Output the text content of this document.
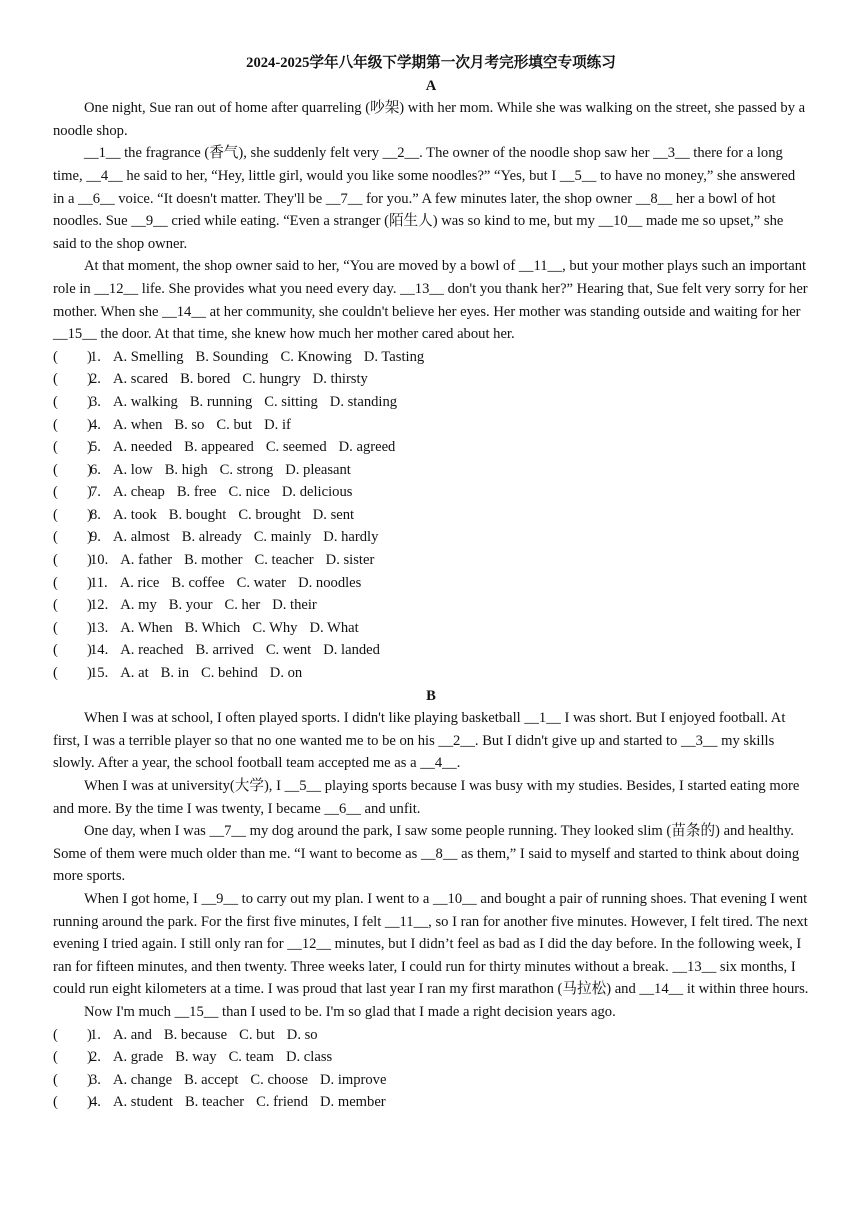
2024-2025学年八年级下学期第一次月考完形填空专项练习
A

One night, Sue ran out of home after quarreling (吵架) with her mom. While she was walking on the street, she passed by a noodle shop.

__1__ the fragrance (香气), she suddenly felt very __2__. The owner of the noodle shop saw her __3__ there for a long time, __4__ he said to her, “Hey, little girl, would you like some noodles?” “Yes, but I __5__ to have no money,” she answered in a __6__ voice. “It doesn't matter. They'll be __7__ for you.” A few minutes later, the shop owner __8__ her a bowl of hot noodles. Sue __9__ cried while eating. “Even a stranger (陌生人) was so kind to me, but my __10__ made me so upset,” she said to the shop owner.

At that moment, the shop owner said to her, “You are moved by a bowl of __11__, but your mother plays such an important role in __12__ life. She provides what you need every day. __13__ don't you thank her?” Hearing that, Sue felt very sorry for her mother. When she __14__ at her community, she couldn't believe her eyes. Her mother was standing outside and waiting for her __15__ the door. At that time, she knew how much her mother cared about her.

(        )1. A. Smelling B. Sounding C. Knowing D. Tasting
(        )2. A. scared B. bored C. hungry D. thirsty
(        )3. A. walking B. running C. sitting D. standing
(        )4. A. when B. so C. but D. if
(        )5. A. needed B. appeared C. seemed D. agreed
(        )6. A. low B. high C. strong D. pleasant
(        )7. A. cheap B. free C. nice D. delicious
(        )8. A. took B. bought C. brought D. sent
(        )9. A. almost B. already C. mainly D. hardly
(        )10. A. father B. mother C. teacher D. sister
(        )11. A. rice B. coffee C. water D. noodles
(        )12. A. my B. your C. her D. their
(        )13. A. When B. Which C. Why D. What
(        )14. A. reached B. arrived C. went D. landed
(        )15. A. at B. in C. behind D. on
B

When I was at school, I often played sports. I didn't like playing basketball __1__ I was short. But I enjoyed football. At first, I was a terrible player so that no one wanted me to be on his __2__. But I didn't give up and started to __3__ my skills slowly. After a year, the school football team accepted me as a __4__.

When I was at university(大学), I __5__ playing sports because I was busy with my studies. Besides, I started eating more and more. By the time I was twenty, I became __6__ and unfit.

One day, when I was __7__ my dog around the park, I saw some people running. They looked slim (苗条的) and healthy. Some of them were much older than me. “I want to become as __8__ as them,” I said to myself and started to think about doing more sports.

When I got home, I __9__ to carry out my plan. I went to a __10__ and bought a pair of running shoes. That evening I went running around the park. For the first five minutes, I felt __11__, so I ran for another five minutes. However, I felt tired. The next evening I tried again. I still only ran for __12__ minutes, but I didn’t feel as bad as I did the day before. In the following week, I ran for fifteen minutes, and then twenty. Three weeks later, I could run for thirty minutes without a break. __13__ six months, I could run eight kilometers at a time. I was proud that last year I ran my first marathon (马拉松) and __14__ it within three hours.

Now I'm much __15__ than I used to be. I'm so glad that I made a right decision years ago.

(        )1. A. and B. because C. but D. so
(        )2. A. grade B. way C. team D. class
(        )3. A. change B. accept C. choose D. improve
(        )4. A. student B. teacher C. friend D. member
